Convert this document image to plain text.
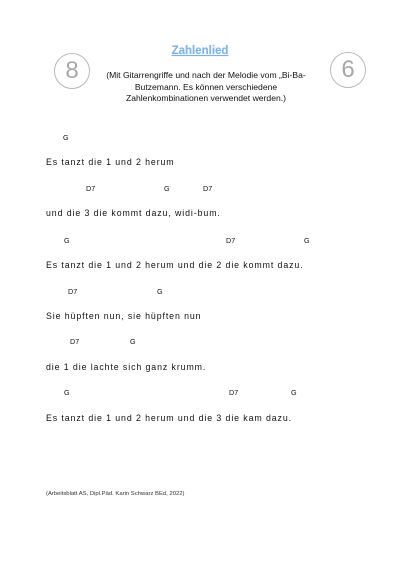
8	6
Zahlenlied
(Mit Gitarrengriffe und nach der Melodie vom „Bi-Ba-Butzemann. Es können verschiedene Zahlenkombinationen verwendet werden.)
G
Es tanzt die 1 und 2 herum
D7	G	D7
und die 3 die kommt dazu, widi-bum.
G	D7	G
Es tanzt die 1 und 2 herum und die 2 die kommt dazu.
D7	G
Sie hüpften nun, sie hüpften nun
D7	G
die 1 die lachte sich ganz krumm.
G	D7	G
Es tanzt die 1 und 2 herum und die 3 die kam dazu.
(Arbeitsblatt AS, Dipl.Päd. Karin Schwarz BEd, 2022)
